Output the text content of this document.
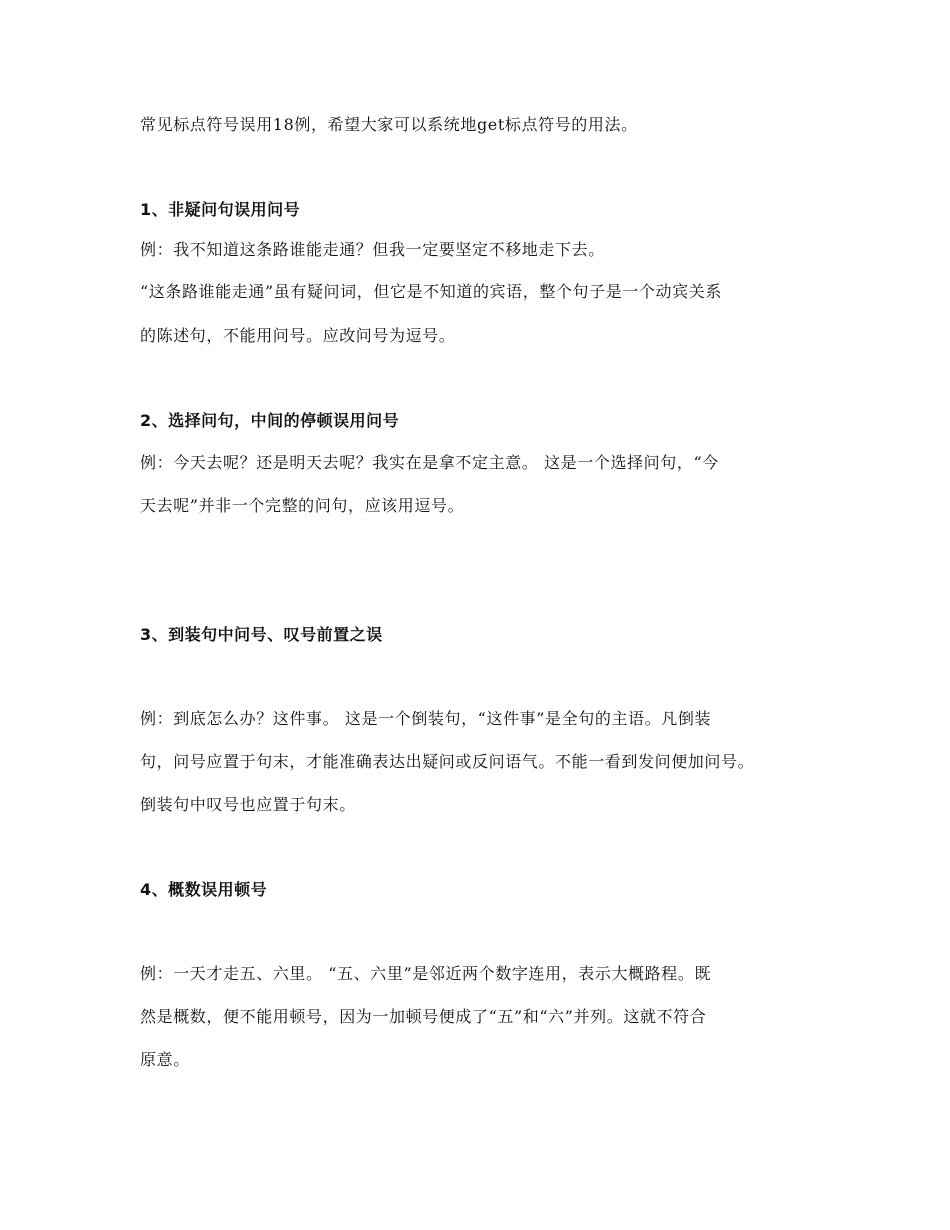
常见标点符号误用18例，希望大家可以系统地get标点符号的用法。
1、非疑问句误用问号
例：我不知道这条路谁能走通？但我一定要坚定不移地走下去。
“这条路谁能走通”虽有疑问词，但它是不知道的宾语，整个句子是一个动宾关系
的陈述句，不能用问号。应改问号为逗号。
2、选择问句，中间的停顿误用问号
例：今天去呢？还是明天去呢？我实在是拿不定主意。 这是一个选择问句，“今
天去呢”并非一个完整的问句，应该用逗号。
3、到装句中问号、叹号前置之误
例：到底怎么办？这件事。 这是一个倒装句，“这件事”是全句的主语。凡倒装
句，问号应置于句末，才能准确表达出疑问或反问语气。不能一看到发问便加问号。
倒装句中叹号也应置于句末。
4、概数误用顿号
例：一天才走五、六里。 “五、六里”是邻近两个数字连用，表示大概路程。既
然是概数，便不能用顿号，因为一加顿号便成了“五”和“六”并列。这就不符合
原意。
